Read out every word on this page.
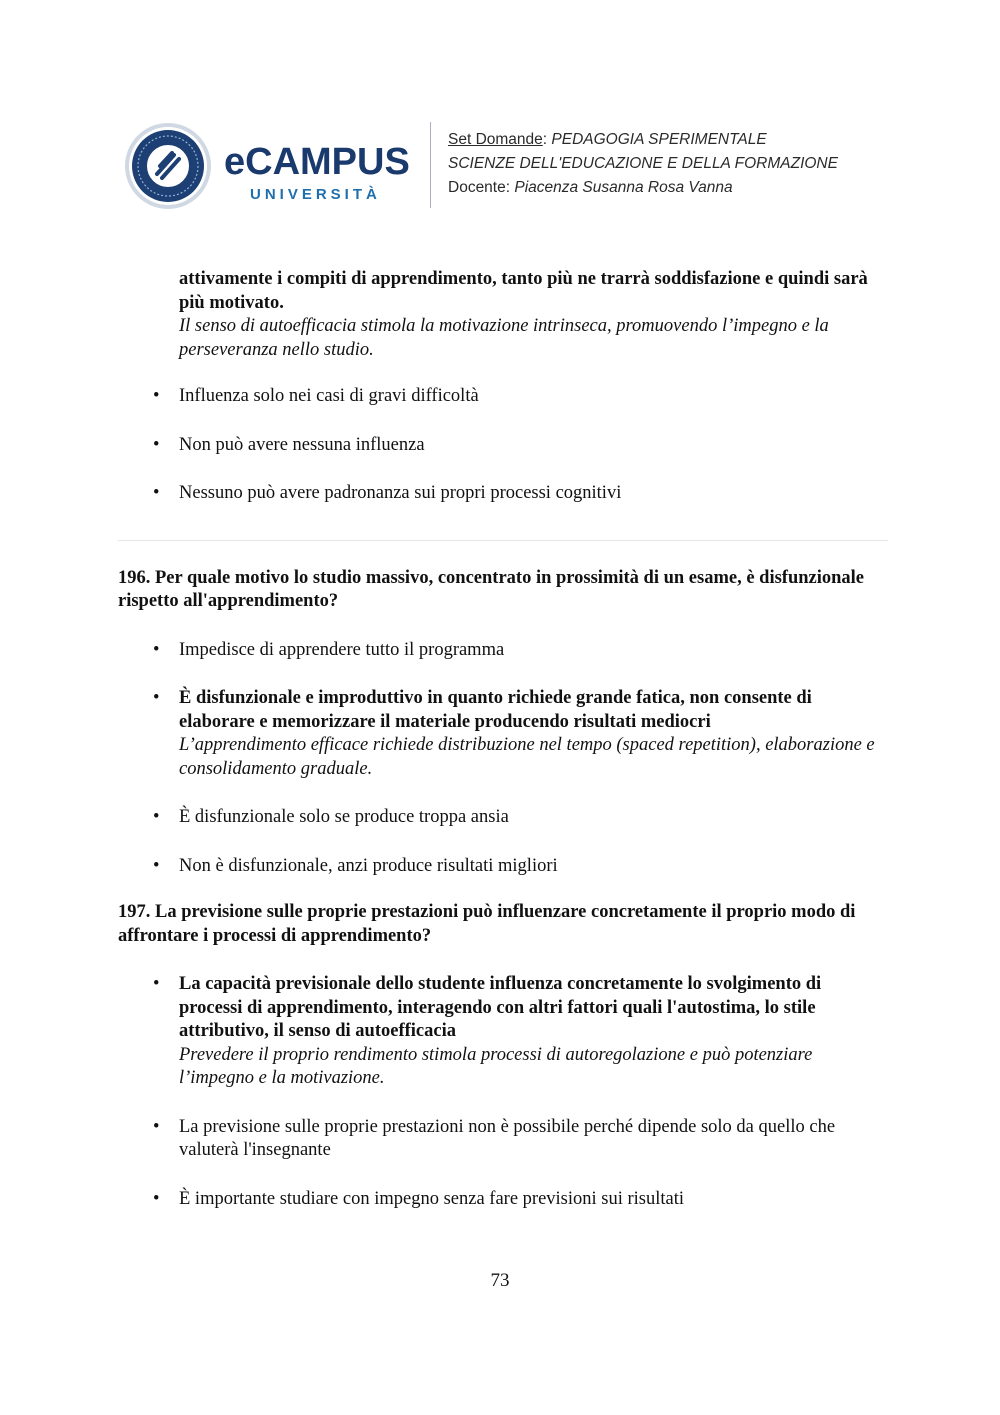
eCAMPUS
UNIVERSITÀ
Set Domande: PEDAGOGIA SPERIMENTALE
SCIENZE DELL'EDUCAZIONE E DELLA FORMAZIONE
Docente: Piacenza Susanna Rosa Vanna
attivamente i compiti di apprendimento, tanto più ne trarrà soddisfazione e quindi sarà più motivato.
Il senso di autoefficacia stimola la motivazione intrinseca, promuovendo l’impegno e la perseveranza nello studio.
• Influenza solo nei casi di gravi difficoltà
• Non può avere nessuna influenza
• Nessuno può avere padronanza sui propri processi cognitivi
196. Per quale motivo lo studio massivo, concentrato in prossimità di un esame, è disfunzionale rispetto all'apprendimento?
• Impedisce di apprendere tutto il programma
• È disfunzionale e improduttivo in quanto richiede grande fatica, non consente di elaborare e memorizzare il materiale producendo risultati mediocri
L’apprendimento efficace richiede distribuzione nel tempo (spaced repetition), elaborazione e consolidamento graduale.
• È disfunzionale solo se produce troppa ansia
• Non è disfunzionale, anzi produce risultati migliori
197. La previsione sulle proprie prestazioni può influenzare concretamente il proprio modo di affrontare i processi di apprendimento?
• La capacità previsionale dello studente influenza concretamente lo svolgimento di processi di apprendimento, interagendo con altri fattori quali l'autostima, lo stile attributivo, il senso di autoefficacia
Prevedere il proprio rendimento stimola processi di autoregolazione e può potenziare l’impegno e la motivazione.
• La previsione sulle proprie prestazioni non è possibile perché dipende solo da quello che valuterà l'insegnante
• È importante studiare con impegno senza fare previsioni sui risultati
73
